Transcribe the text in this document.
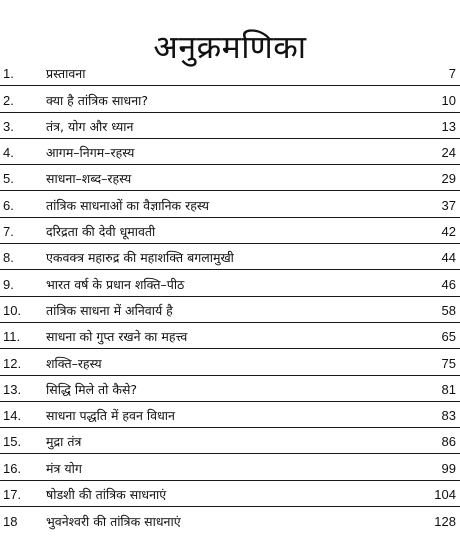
अनुक्रमणिका
1.	प्रस्तावना	7
2.	क्या है तांत्रिक साधना?	10
3.	तंत्र, योग और ध्यान	13
4.	आगम–निगम–रहस्य	24
5.	साधना–शब्द–रहस्य	29
6.	तांत्रिक साधनाओं का वैज्ञानिक रहस्य	37
7.	दरिद्रता की देवी धूमावती	42
8.	एकवक्त्र महारुद्र की महाशक्ति बगलामुखी	44
9.	भारत वर्ष के प्रधान शक्ति–पीठ	46
10. तांत्रिक साधना में अनिवार्य है	58
11. साधना को गुप्त रखने का महत्त्व	65
12. शक्ति–रहस्य	75
13. सिद्धि मिले तो कैसे?	81
14. साधना पद्धति में हवन विधान	83
15. मुद्रा तंत्र	86
16. मंत्र योग	99
17. षोडशी की तांत्रिक साधनाएं	104
18 भुवनेश्वरी की तांत्रिक साधनाएं	128
